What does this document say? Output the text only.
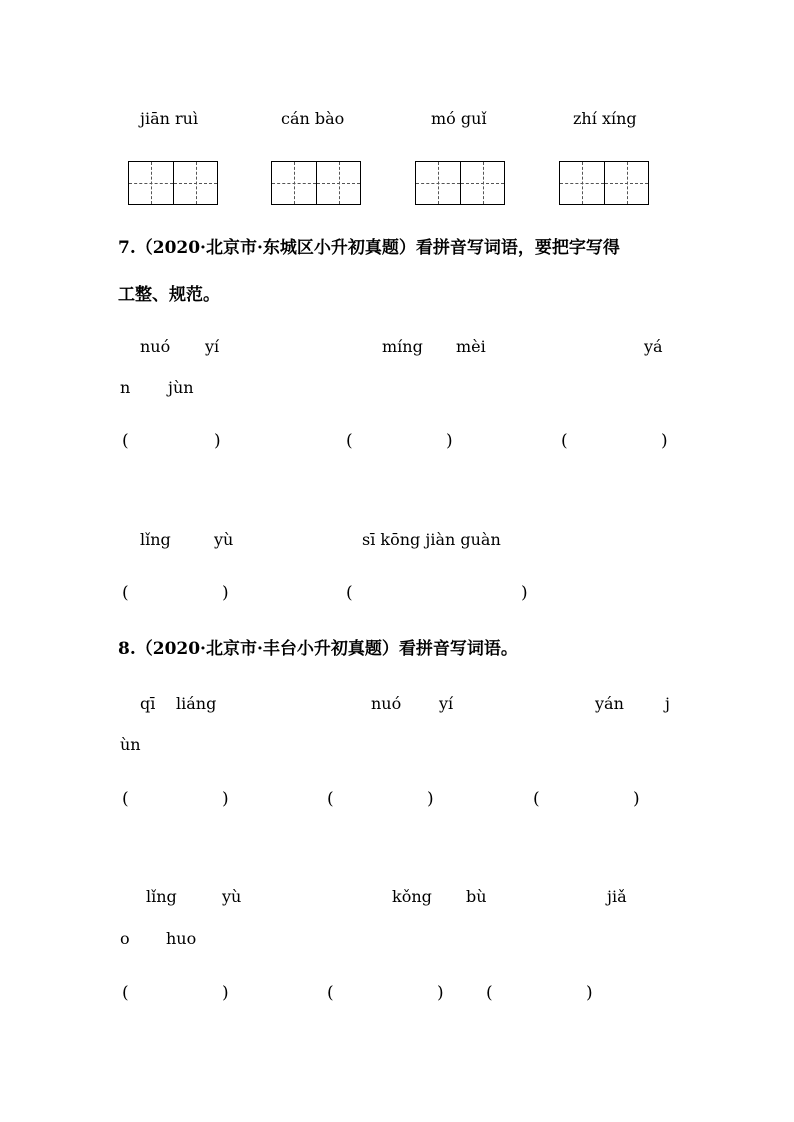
jiān ruì	cán bào	mó guǐ	zhí xíng
7.（2020·北京市·东城区小升初真题）看拼音写词语，要把字写得
工整、规范。
nuó yí	míng mèi	yá
n jùn
(	)	(	)	(	)
lǐng	yù	sī kōng jiàn guàn
(	)	(	)
8.（2020·北京市·丰台小升初真题）看拼音写词语。
qī liáng	nuó yí	yán	j
ùn
(	)	(	)	(	)
lǐng	yù	kǒng bù	jiǎ
o huo
(	)	(	) (	)
